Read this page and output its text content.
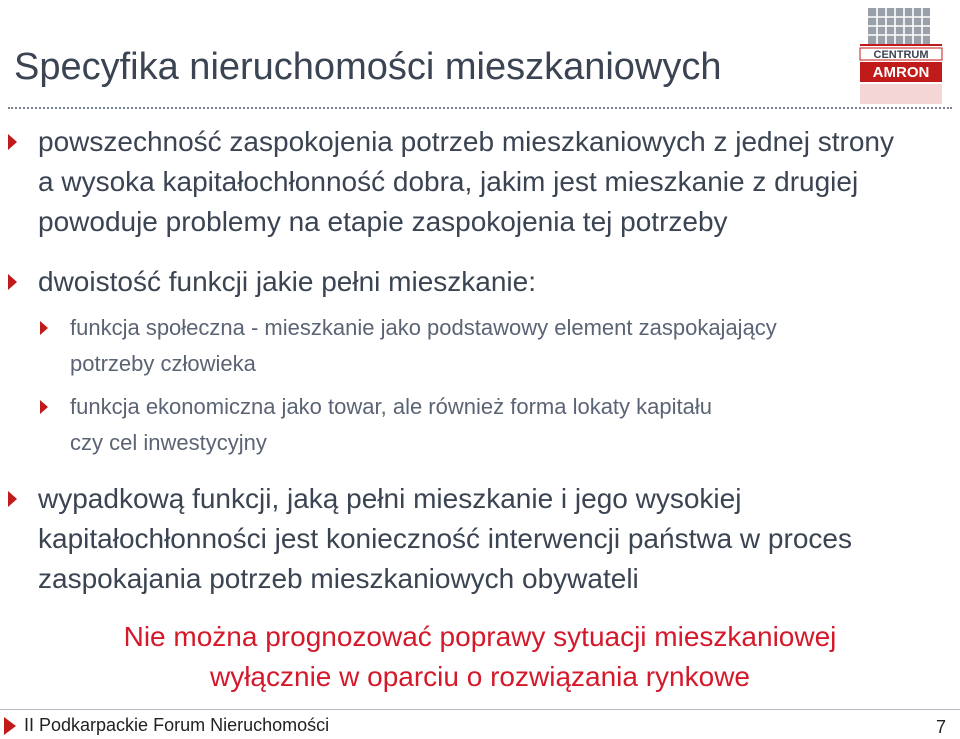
Specyfika nieruchomości mieszkaniowych	CENTRUM
AMRON
powszechność zaspokojenia potrzeb mieszkaniowych z jednej strony
a wysoka kapitałochłonność dobra, jakim jest mieszkanie z drugiej
powoduje problemy na etapie zaspokojenia tej potrzeby
dwoistość funkcji jakie pełni mieszkanie:
funkcja społeczna - mieszkanie jako podstawowy element zaspokajający
potrzeby człowieka
funkcja ekonomiczna jako towar, ale również forma lokaty kapitału
czy cel inwestycyjny
wypadkową funkcji, jaką pełni mieszkanie i jego wysokiej
kapitałochłonności jest konieczność interwencji państwa w proces
zaspokajania potrzeb mieszkaniowych obywateli
Nie można prognozować poprawy sytuacji mieszkaniowej
wyłącznie w oparciu o rozwiązania rynkowe
II Podkarpackie Forum Nieruchomości	7
